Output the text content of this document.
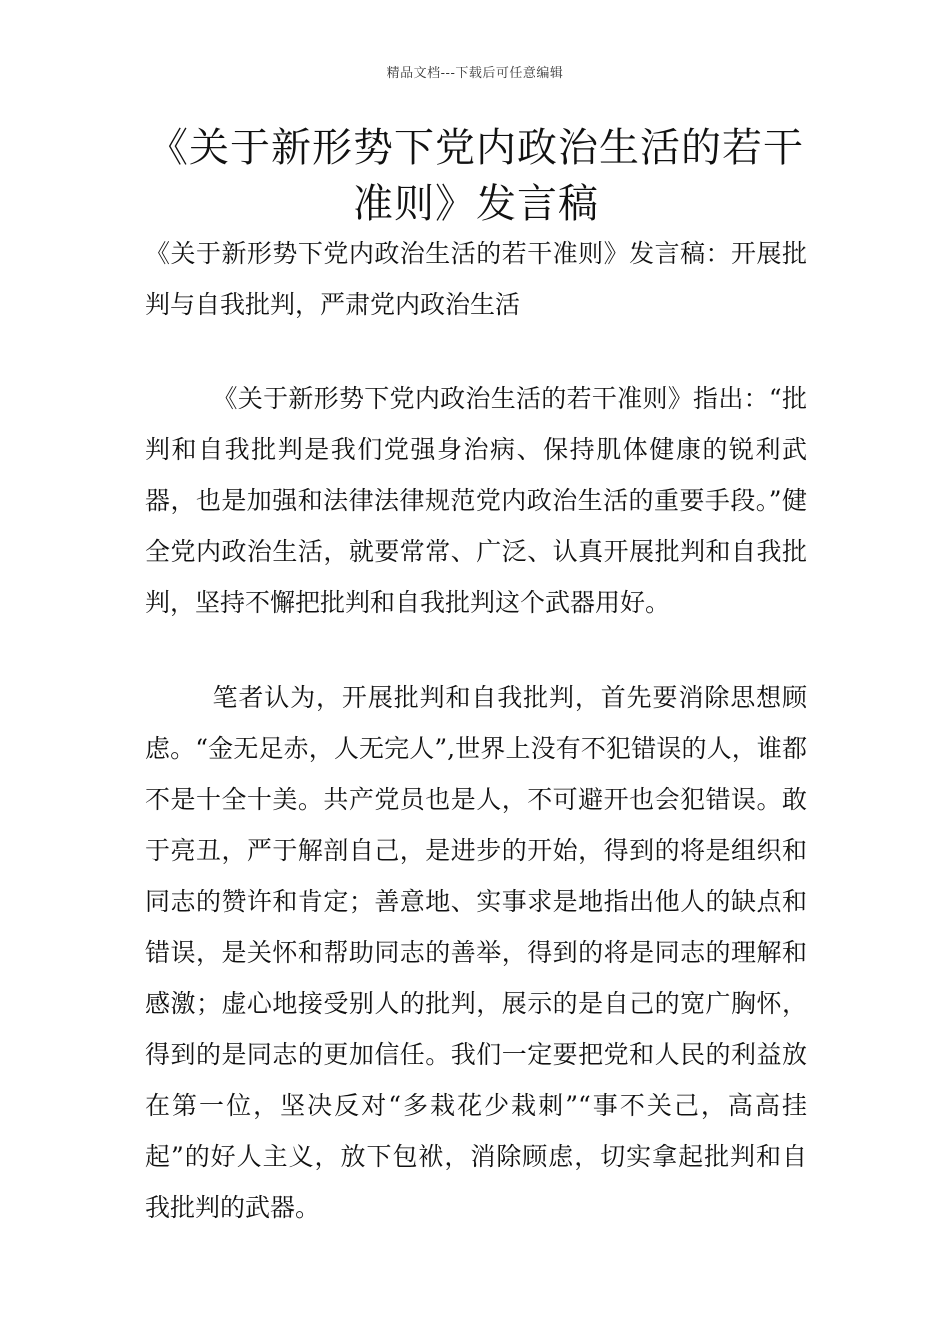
精品文档---下载后可任意编辑
《关于新形势下党内政治生活的若干准则》发言稿

《关于新形势下党内政治生活的若干准则》发言稿：开展批判与自我批判，严肃党内政治生活

《关于新形势下党内政治生活的若干准则》指出：“批判和自我批判是我们党强身治病、保持肌体健康的锐利武器，也是加强和法律法律规范党内政治生活的重要手段。”健全党内政治生活，就要常常、广泛、认真开展批判和自我批判，坚持不懈把批判和自我批判这个武器用好。

笔者认为，开展批判和自我批判，首先要消除思想顾虑。“金无足赤，人无完人”,世界上没有不犯错误的人，谁都不是十全十美。共产党员也是人，不可避开也会犯错误。敢于亮丑，严于解剖自己，是进步的开始，得到的将是组织和同志的赞许和肯定；善意地、实事求是地指出他人的缺点和错误，是关怀和帮助同志的善举，得到的将是同志的理解和感激；虚心地接受别人的批判，展示的是自己的宽广胸怀，得到的是同志的更加信任。我们一定要把党和人民的利益放在第一位，坚决反对“多栽花少栽刺”“事不关己，高高挂起”的好人主义，放下包袱，消除顾虑，切实拿起批判和自我批判的武器。
